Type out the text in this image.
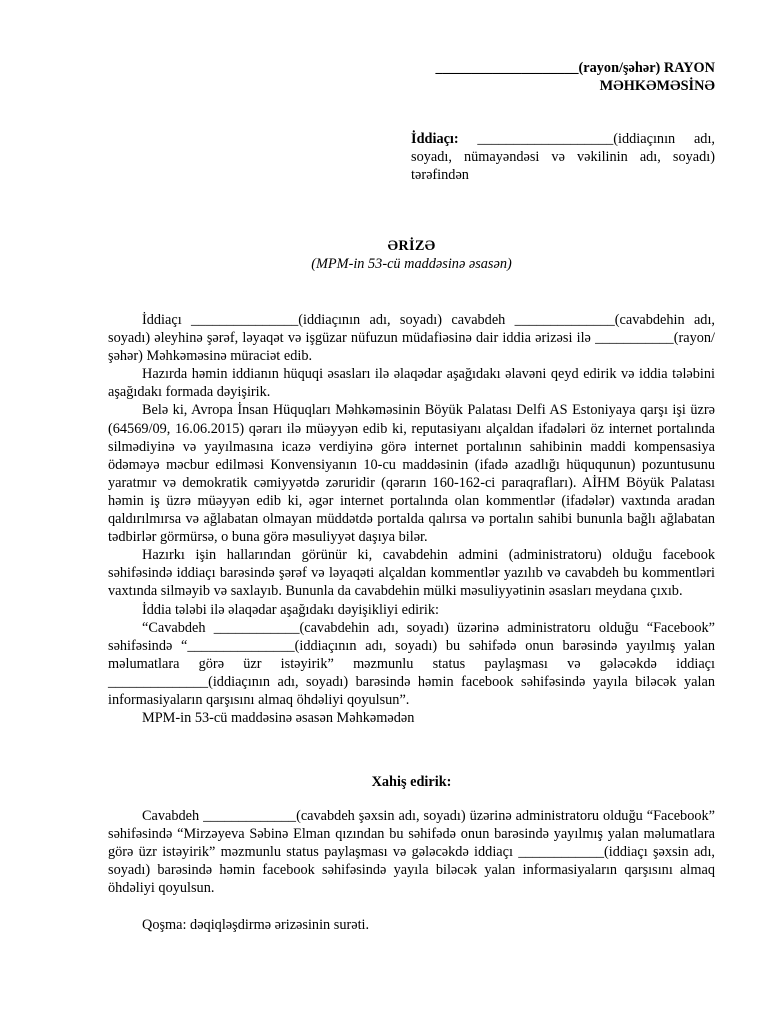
____________________(rayon/şəhər) RAYON
MƏHKƏMƏSİNƏ
İddiaçı: ___________________(iddiaçının adı, soyadı, nümayəndəsi və vəkilinin adı, soyadı) tərəfindən
ƏRİZƏ
(MPM-in 53-cü maddəsinə əsasən)

İddiaçı _______________(iddiaçının adı, soyadı) cavabdeh ______________(cavabdehin adı, soyadı) əleyhinə şərəf, ləyaqət və işgüzar nüfuzun müdafiəsinə dair iddia ərizəsi ilə ___________(rayon/şəhər) Məhkəməsinə müraciət edib.

Hazırda həmin iddianın hüquqi əsasları ilə əlaqədar aşağıdakı əlavəni qeyd edirik və iddia tələbini aşağıdakı formada dəyişirik.

Belə ki, Avropa İnsan Hüquqları Məhkəməsinin Böyük Palatası Delfi AS Estoniyaya qarşı işi üzrə (64569/09, 16.06.2015) qərarı ilə müəyyən edib ki, reputasiyanı alçaldan ifadələri öz internet portalında silmədiyinə və yayılmasına icazə verdiyinə görə internet portalının sahibinin maddi kompensasiya ödəməyə məcbur edilməsi Konvensiyanın 10-cu maddəsinin (ifadə azadlığı hüququnun) pozuntusunu yaratmır və demokratik cəmiyyətdə zəruridir (qərarın 160-162-ci paraqrafları). AİHM Böyük Palatası həmin iş üzrə müəyyən edib ki, əgər internet portalında olan kommentlər (ifadələr) vaxtında aradan qaldırılmırsa və ağlabatan olmayan müddətdə portalda qalırsa və portalın sahibi bununla bağlı ağlabatan tədbirlər görmürsə, o buna görə məsuliyyət daşıya bilər.

Hazırkı işin hallarından görünür ki, cavabdehin admini (administratoru) olduğu facebook səhifəsində iddiaçı barəsində şərəf və ləyaqəti alçaldan kommentlər yazılıb və cavabdeh bu kommentləri vaxtında silməyib və saxlayıb. Bununla da cavabdehin mülki məsuliyyətinin əsasları meydana çıxıb.

İddia tələbi ilə əlaqədar aşağıdakı dəyişikliyi edirik:

“Cavabdeh ____________(cavabdehin adı, soyadı) üzərinə administratoru olduğu “Facebook” səhifəsində “_______________(iddiaçının adı, soyadı) bu səhifədə onun barəsində yayılmış yalan məlumatlara görə üzr istəyirik” məzmunlu status paylaşması və gələcəkdə iddiaçı ______________(iddiaçının adı, soyadı) barəsində həmin facebook səhifəsində yayıla biləcək yalan informasiyaların qarşısını almaq öhdəliyi qoyulsun”.

MPM-in 53-cü maddəsinə əsasən Məhkəmədən

Xahiş edirik:

Cavabdeh _____________(cavabdeh şəxsin adı, soyadı) üzərinə administratoru olduğu “Facebook” səhifəsində “Mirzəyeva Səbinə Elman qızından bu səhifədə onun barəsində yayılmış yalan məlumatlara görə üzr istəyirik” məzmunlu status paylaşması və gələcəkdə iddiaçı ____________(iddiaçı şəxsin adı, soyadı) barəsində həmin facebook səhifəsində yayıla biləcək yalan informasiyaların qarşısını almaq öhdəliyi qoyulsun.

Qoşma: dəqiqləşdirmə ərizəsinin surəti.
